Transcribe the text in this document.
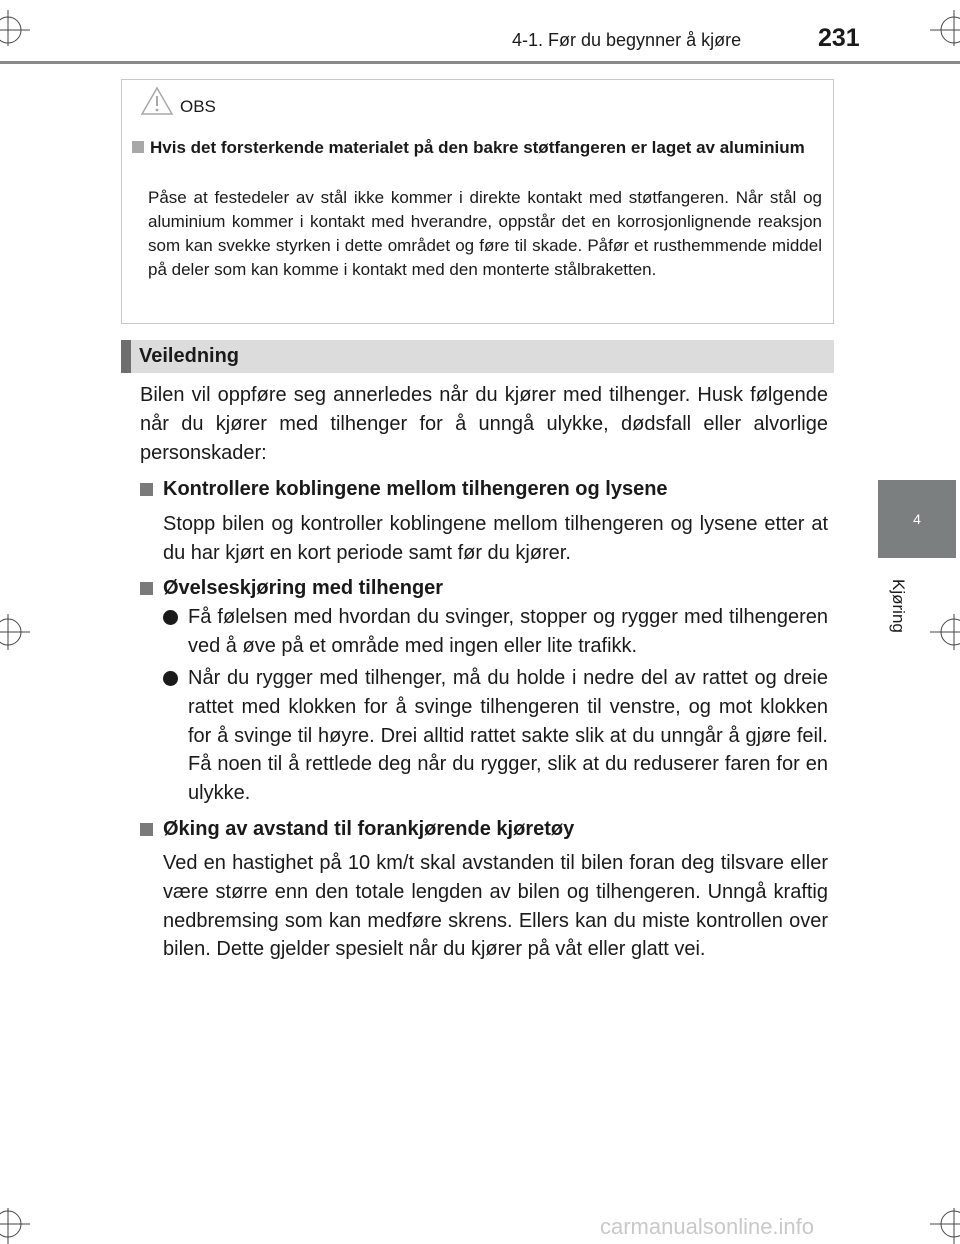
4-1. Før du begynner å kjøre	231
4
Kjøring
OBS
Hvis det forsterkende materialet på den bakre støtfangeren er laget av aluminium

Påse at festedeler av stål ikke kommer i direkte kontakt med støtfangeren. Når stål og aluminium kommer i kontakt med hverandre, oppstår det en korrosjonlignende reaksjon som kan svekke styrken i dette området og føre til skade. Påfør et rusthemmende middel på deler som kan komme i kontakt med den monterte stålbraketten.

Veiledning

Bilen vil oppføre seg annerledes når du kjører med tilhenger. Husk følgende når du kjører med tilhenger for å unngå ulykke, dødsfall eller alvorlige personskader:

Kontrollere koblingene mellom tilhengeren og lysene

Stopp bilen og kontroller koblingene mellom tilhengeren og lysene etter at du har kjørt en kort periode samt før du kjører.

Øvelseskjøring med tilhenger
Få følelsen med hvordan du svinger, stopper og rygger med tilhengeren ved å øve på et område med ingen eller lite trafikk.
Når du rygger med tilhenger, må du holde i nedre del av rattet og dreie rattet med klokken for å svinge tilhengeren til venstre, og mot klokken for å svinge til høyre. Drei alltid rattet sakte slik at du unngår å gjøre feil. Få noen til å rettlede deg når du rygger, slik at du reduserer faren for en ulykke.
Øking av avstand til forankjørende kjøretøy

Ved en hastighet på 10 km/t skal avstanden til bilen foran deg tilsvare eller være større enn den totale lengden av bilen og tilhengeren. Unngå kraftig nedbremsing som kan medføre skrens. Ellers kan du miste kontrollen over bilen. Dette gjelder spesielt når du kjører på våt eller glatt vei.

carmanualsonline.info
